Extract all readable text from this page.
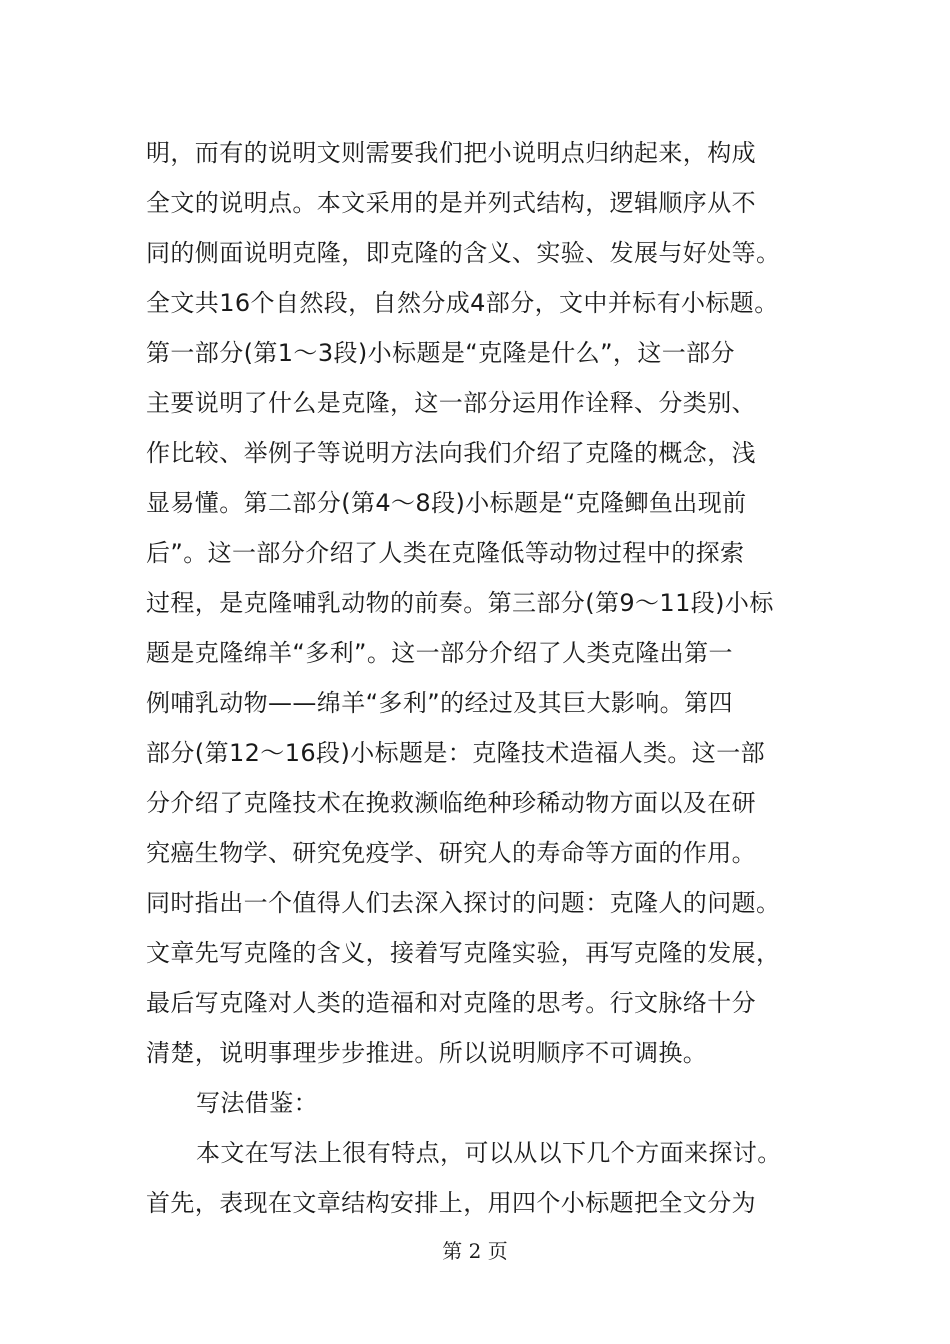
明，而有的说明文则需要我们把小说明点归纳起来，构成
全文的说明点。本文采用的是并列式结构，逻辑顺序从不
同的侧面说明克隆，即克隆的含义、实验、发展与好处等。
全文共16个自然段，自然分成4部分，文中并标有小标题。
第一部分(第1～3段)小标题是“克隆是什么”，这一部分
主要说明了什么是克隆，这一部分运用作诠释、分类别、
作比较、举例子等说明方法向我们介绍了克隆的概念，浅
显易懂。第二部分(第4～8段)小标题是“克隆鲫鱼出现前
后”。这一部分介绍了人类在克隆低等动物过程中的探索
过程，是克隆哺乳动物的前奏。第三部分(第9～11段)小标
题是克隆绵羊“多利”。这一部分介绍了人类克隆出第一
例哺乳动物——绵羊“多利”的经过及其巨大影响。第四
部分(第12～16段)小标题是：克隆技术造福人类。这一部
分介绍了克隆技术在挽救濒临绝种珍稀动物方面以及在研
究癌生物学、研究免疫学、研究人的寿命等方面的作用。
同时指出一个值得人们去深入探讨的问题：克隆人的问题。
文章先写克隆的含义，接着写克隆实验，再写克隆的发展，
最后写克隆对人类的造福和对克隆的思考。行文脉络十分
清楚，说明事理步步推进。所以说明顺序不可调换。
写法借鉴：
本文在写法上很有特点，可以从以下几个方面来探讨。
首先，表现在文章结构安排上，用四个小标题把全文分为
第 2 页
